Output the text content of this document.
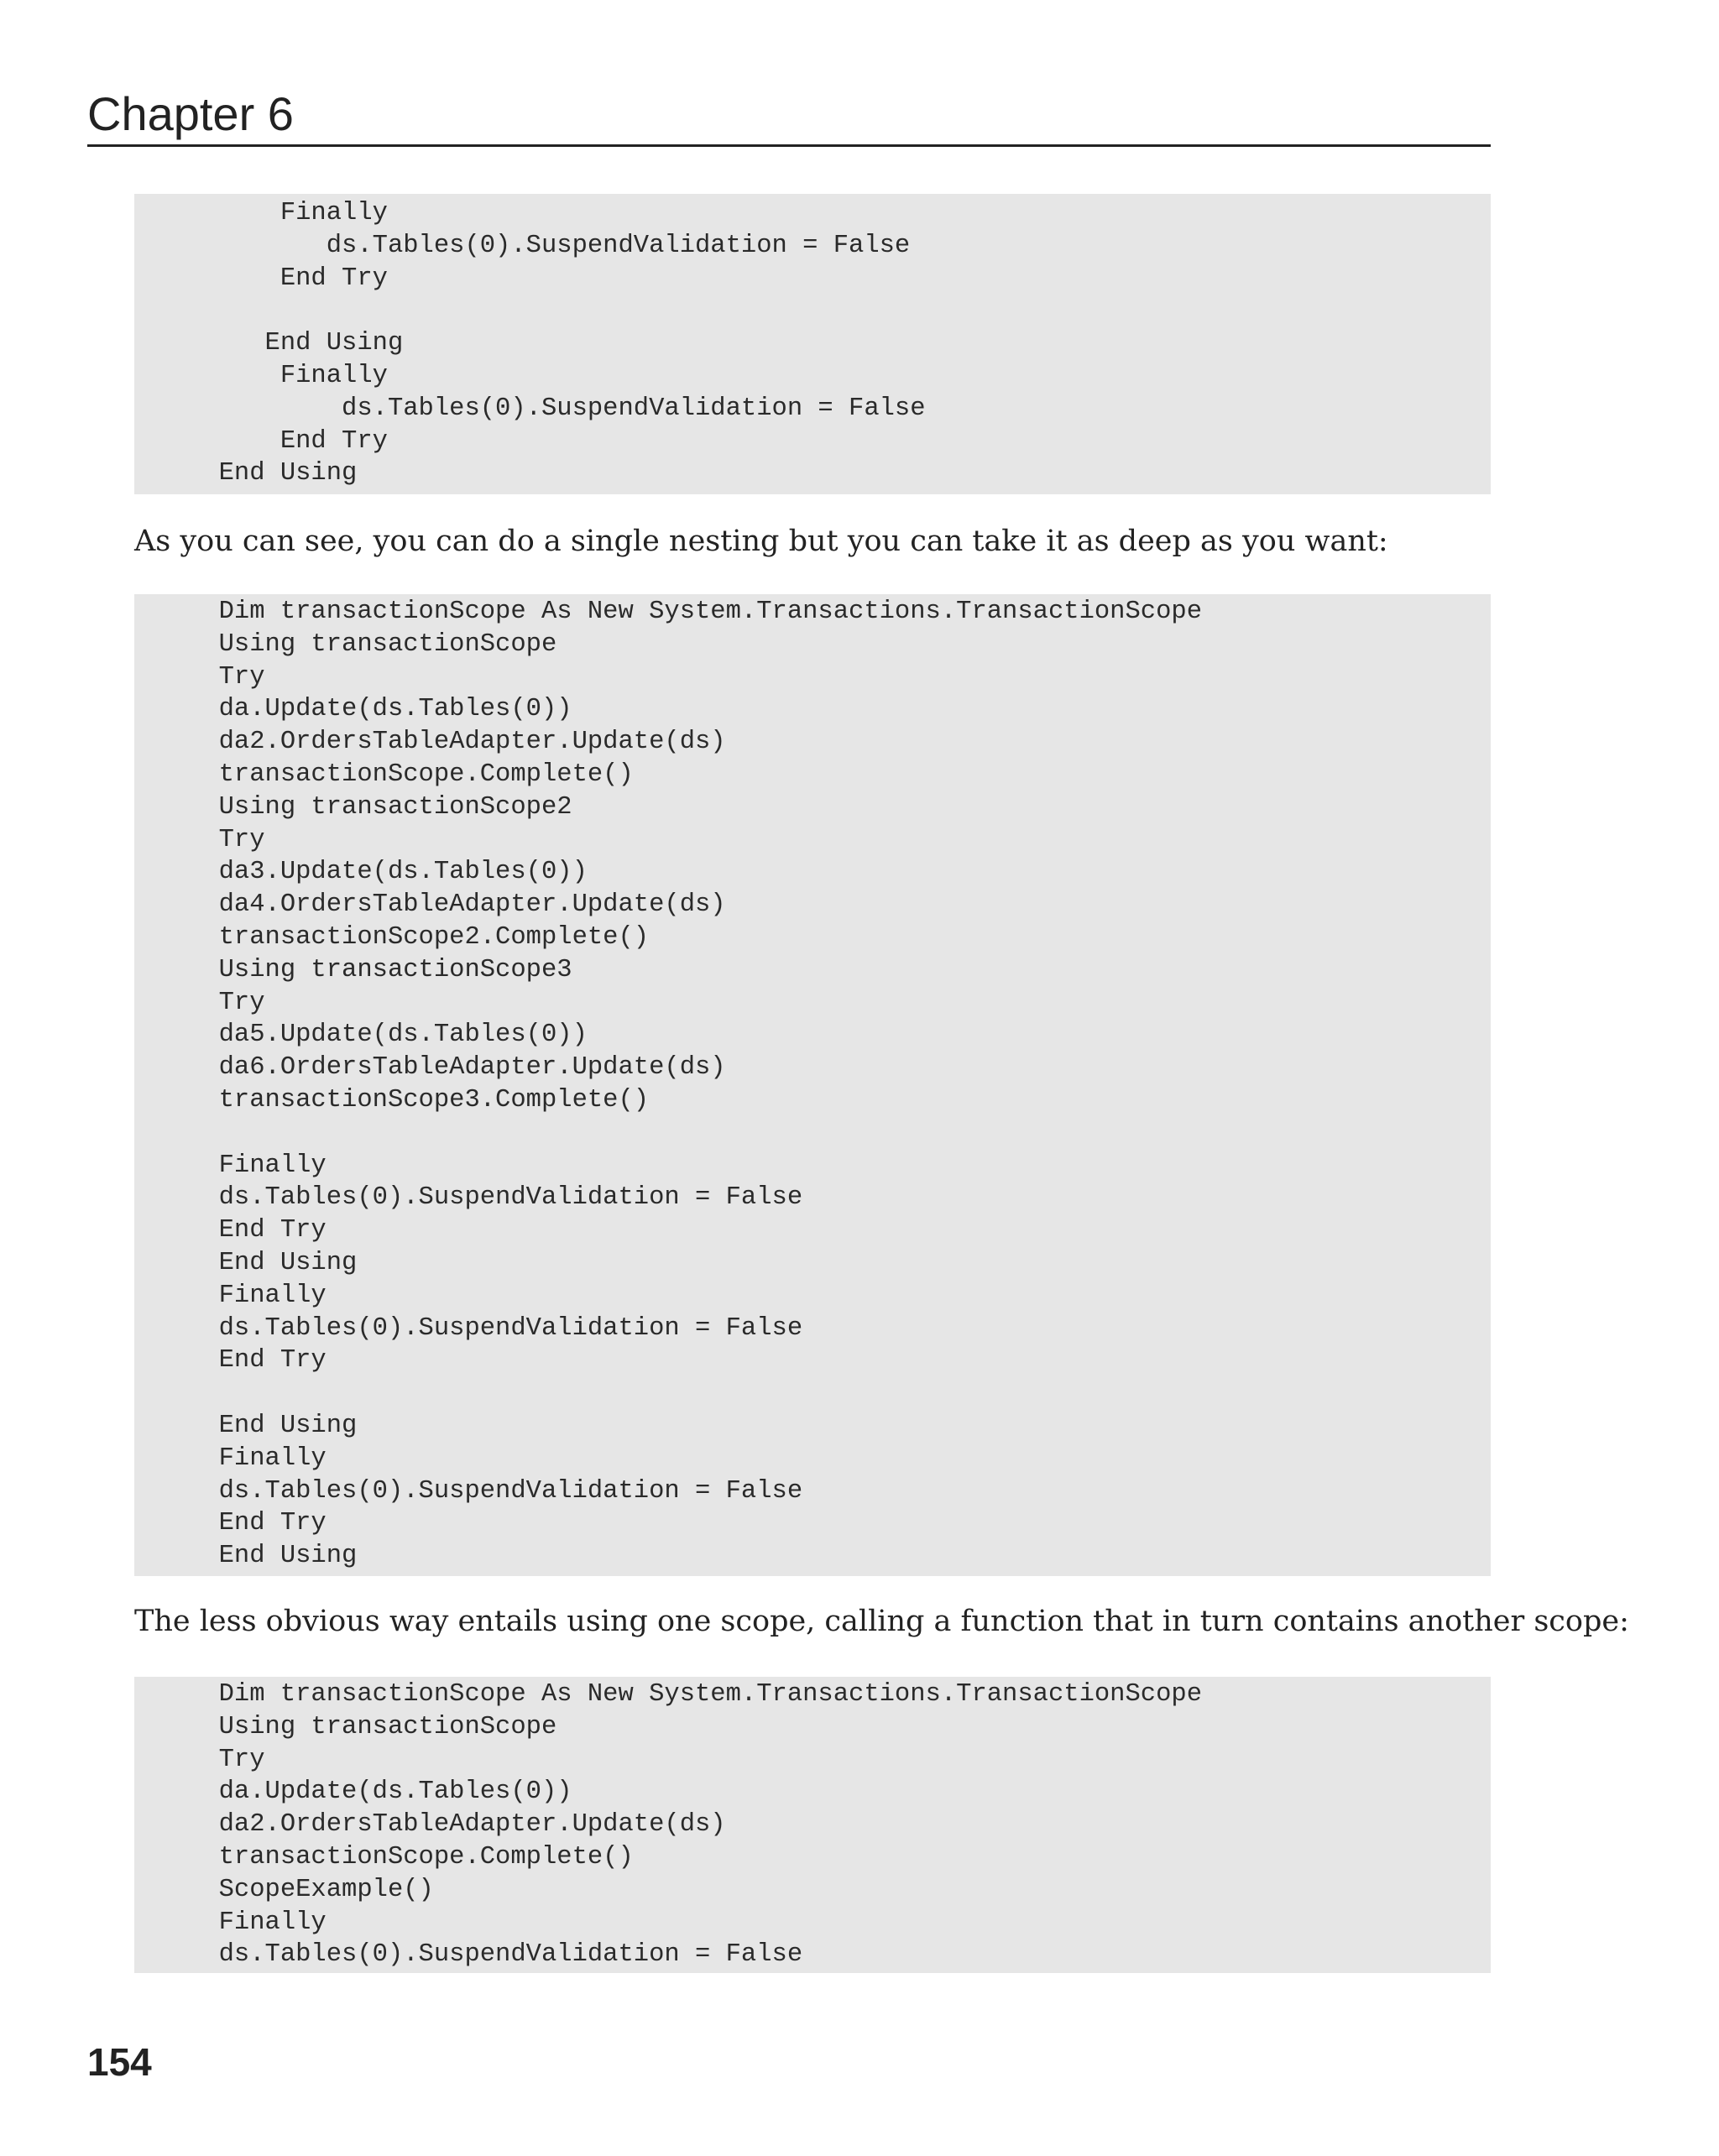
Chapter 6
Finally
ds.Tables(0).SuspendValidation = False
End Try
End Using
Finally
ds.Tables(0).SuspendValidation = False
End Try
End Using
As you can see, you can do a single nesting but you can take it as deep as you want:
Dim transactionScope As New System.Transactions.TransactionScope
Using transactionScope
Try
da.Update(ds.Tables(0))
da2.OrdersTableAdapter.Update(ds)
transactionScope.Complete()
Using transactionScope2
Try
da3.Update(ds.Tables(0))
da4.OrdersTableAdapter.Update(ds)
transactionScope2.Complete()
Using transactionScope3
Try
da5.Update(ds.Tables(0))
da6.OrdersTableAdapter.Update(ds)
transactionScope3.Complete()
Finally
ds.Tables(0).SuspendValidation = False
End Try
End Using
Finally
ds.Tables(0).SuspendValidation = False
End Try
End Using
Finally
ds.Tables(0).SuspendValidation = False
End Try
End Using
The less obvious way entails using one scope, calling a function that in turn contains another scope:
Dim transactionScope As New System.Transactions.TransactionScope
Using transactionScope
Try
da.Update(ds.Tables(0))
da2.OrdersTableAdapter.Update(ds)
transactionScope.Complete()
ScopeExample()
Finally
ds.Tables(0).SuspendValidation = False
154
